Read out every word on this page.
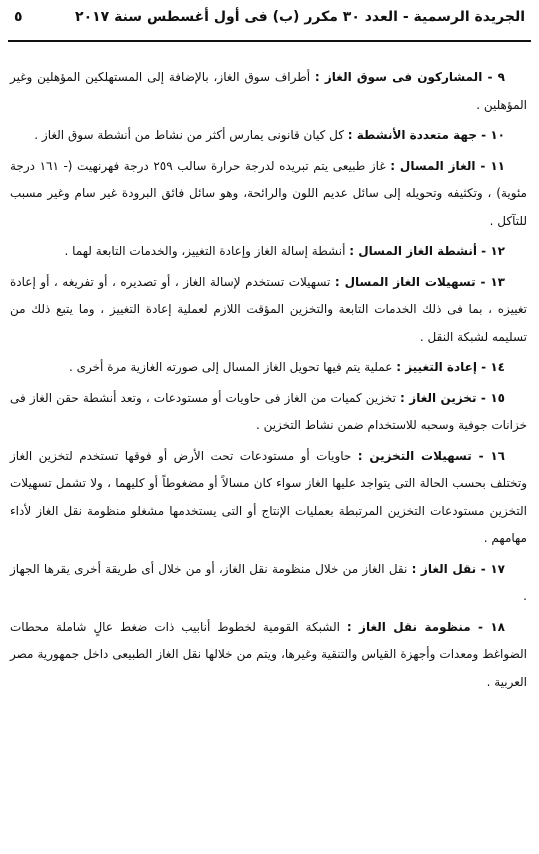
الجريدة الرسمية - العدد ٣٠ مكرر (ب) فى أول أغسطس سنة ٢٠١٧
٥

٩ - المشاركون فى سوق الغاز : أطراف سوق الغاز، بالإضافة إلى المستهلكين المؤهلين وغير المؤهلين .

١٠ - جهة متعددة الأنشطة : كل كيان قانونى يمارس أكثر من نشاط من أنشطة سوق الغاز .

١١ - الغاز المسال : غاز طبيعى يتم تبريده لدرجة حرارة سالب ٢٥٩ درجة فهرنهيت (- ١٦١ درجة مئوية) ، وتكثيفه وتحويله إلى سائل عديم اللون والرائحة، وهو سائل فائق البرودة غير سام وغير مسبب للتآكل .

١٢ - أنشطة الغاز المسال : أنشطة إسالة الغاز وإعادة التغييز، والخدمات التابعة لهما .

١٣ - تسهيلات الغاز المسال : تسهيلات تستخدم لإسالة الغاز ، أو تصديره ، أو تفريغه ، أو إعادة تغييزه ، بما فى ذلك الخدمات التابعة والتخزين المؤقت اللازم لعملية إعادة التغييز ، وما يتبع ذلك من تسليمه لشبكة النقل .

١٤ - إعادة التغييز : عملية يتم فيها تحويل الغاز المسال إلى صورته الغازية مرة أخرى .

١٥ - تخزين الغاز : تخزين كميات من الغاز فى حاويات أو مستودعات ، وتعد أنشطة حقن الغاز فى خزانات جوفية وسحبه للاستخدام ضمن نشاط التخزين .

١٦ - تسهيلات التخزين : حاويات أو مستودعات تحت الأرض أو فوقها تستخدم لتخزين الغاز وتختلف بحسب الحالة التى يتواجد عليها الغاز سواء كان مسالاً أو مضغوطاً أو كليهما ، ولا تشمل تسهيلات التخزين مستودعات التخزين المرتبطة بعمليات الإنتاج أو التى يستخدمها مشغلو منظومة نقل الغاز لأداء مهامهم .

١٧ - نقل الغاز : نقل الغاز من خلال منظومة نقل الغاز، أو من خلال أى طريقة أخرى يقرها الجهاز .

١٨ - منظومة نقل الغاز : الشبكة القومية لخطوط أنابيب ذات ضغط عالٍ شاملة محطات الضواغط ومعدات وأجهزة القياس والتنقية وغيرها، ويتم من خلالها نقل الغاز الطبيعى داخل جمهورية مصر العربية .
